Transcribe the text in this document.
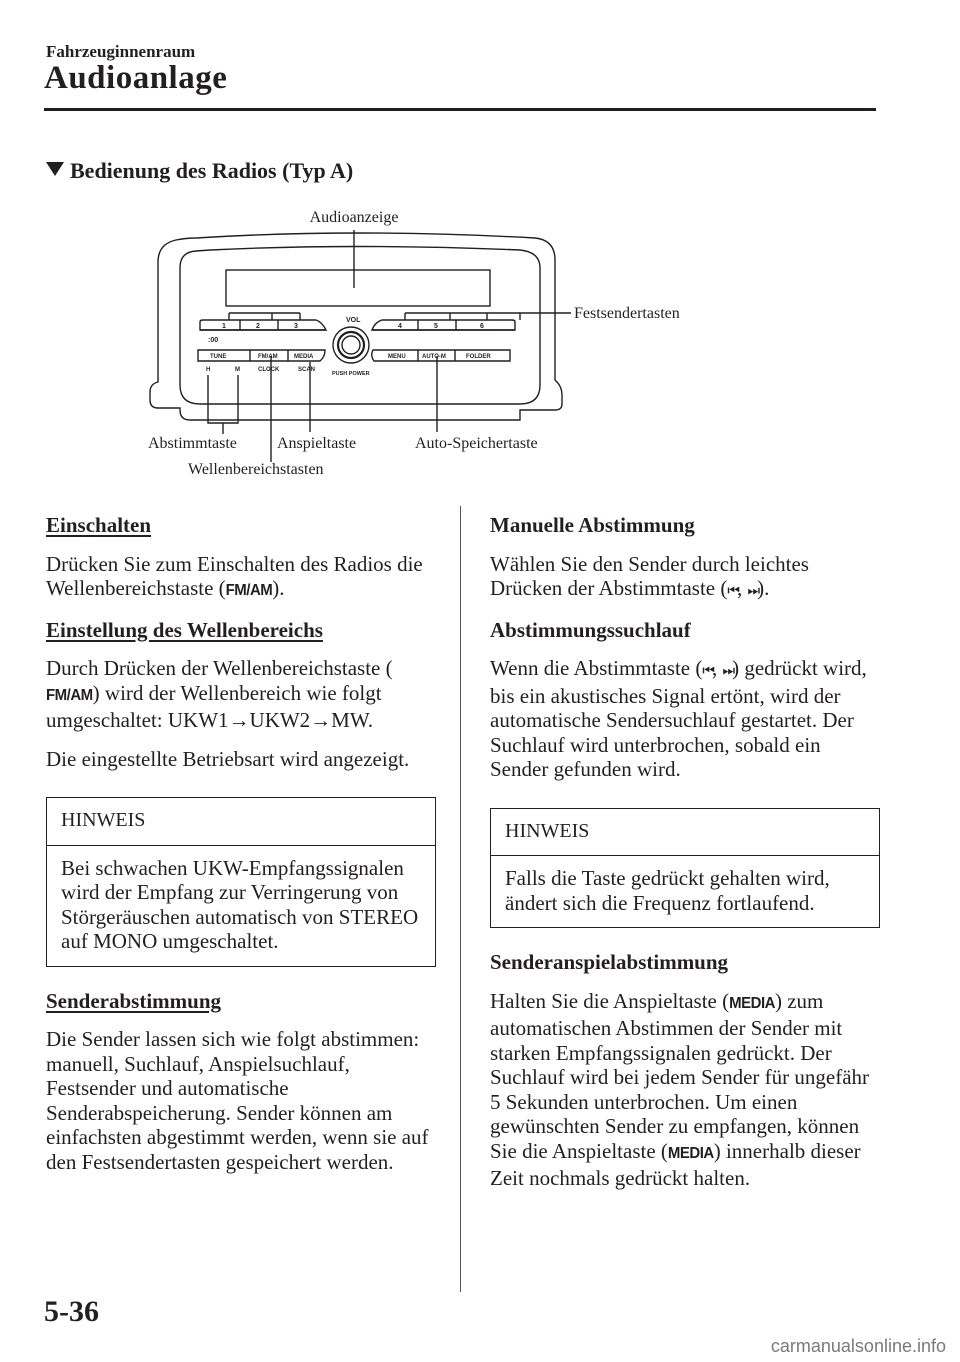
Fahrzeuginnenraum
Audioanlage
Bedienung des Radios (Typ A)
1	2	3	4	5	6
:00
VOL
PUSH POWER
TUNE	FM/AM	MEDIA	MENU	AUTO-M	FOLDER
H	M	CLOCK	SCAN
Audioanzeige
Festsendertasten
Abstimmtaste	Anspieltaste	Auto-Speichertaste
Wellenbereichstasten

Einschalten

Drücken Sie zum Einschalten des Radios die Wellenbereichstaste (FM/AM).

Einstellung des Wellenbereichs

Durch Drücken der Wellenbereichstaste (FM/AM) wird der Wellenbereich wie folgt umgeschaltet: UKW1→UKW2→MW.

Die eingestellte Betriebsart wird angezeigt.

HINWEIS
Bei schwachen UKW-Empfangssignalen wird der Empfang zur Verringerung von Störgeräuschen automatisch von STEREO auf MONO umgeschaltet.

Senderabstimmung

Die Sender lassen sich wie folgt abstimmen: manuell, Suchlauf, Anspielsuchlauf, Festsender und automatische Senderabspeicherung. Sender können am einfachsten abgestimmt werden, wenn sie auf den Festsendertasten gespeichert werden.

Manuelle Abstimmung

Wählen Sie den Sender durch leichtes Drücken der Abstimmtaste (⏮, ⏭).

Abstimmungssuchlauf

Wenn die Abstimmtaste (⏮, ⏭) gedrückt wird, bis ein akustisches Signal ertönt, wird der automatische Sendersuchlauf gestartet. Der Suchlauf wird unterbrochen, sobald ein Sender gefunden wird.

HINWEIS
Falls die Taste gedrückt gehalten wird, ändert sich die Frequenz fortlaufend.

Senderanspielabstimmung

Halten Sie die Anspieltaste (MEDIA) zum automatischen Abstimmen der Sender mit starken Empfangssignalen gedrückt. Der Suchlauf wird bei jedem Sender für ungefähr 5 Sekunden unterbrochen. Um einen gewünschten Sender zu empfangen, können Sie die Anspieltaste (MEDIA) innerhalb dieser Zeit nochmals gedrückt halten.

5-36
carmanualsonline.info
